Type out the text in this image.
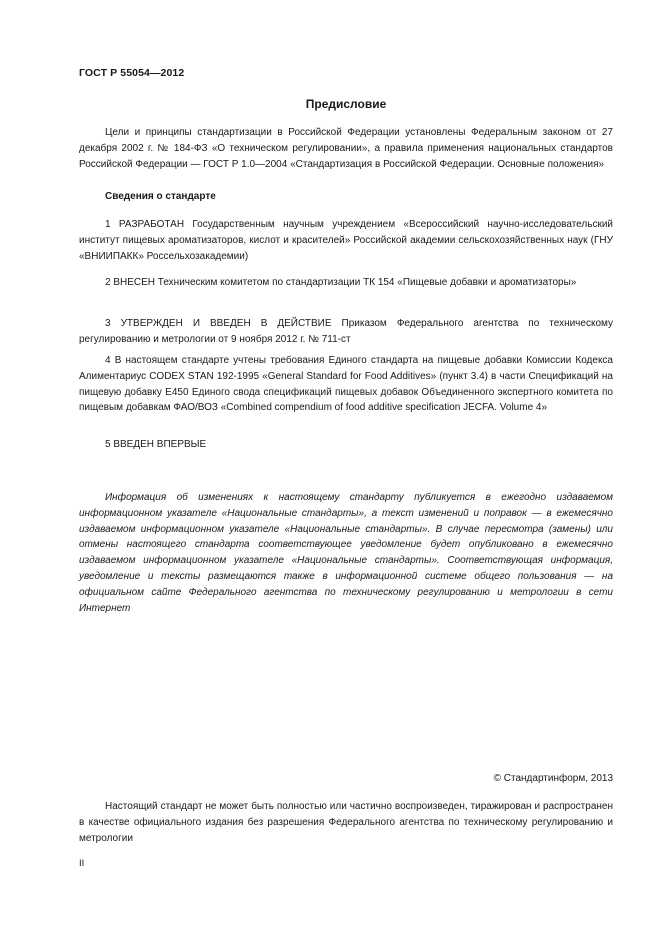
ГОСТ Р 55054—2012
Предисловие

Цели и принципы стандартизации в Российской Федерации установлены Федеральным законом от 27 декабря 2002 г. № 184-ФЗ «О техническом регулировании», а правила применения национальных стандартов Российской Федерации — ГОСТ Р 1.0—2004 «Стандартизация в Российской Федерации. Основные положения»

Сведения о стандарте

1 РАЗРАБОТАН Государственным научным учреждением «Всероссийский научно-исследовательский институт пищевых ароматизаторов, кислот и красителей» Российской академии сельскохозяйственных наук (ГНУ «ВНИИПАКК» Россельхозакадемии)

2 ВНЕСЕН Техническим комитетом по стандартизации ТК 154 «Пищевые добавки и ароматизаторы»

3 УТВЕРЖДЕН И ВВЕДЕН В ДЕЙСТВИЕ Приказом Федерального агентства по техническому регулированию и метрологии от 9 ноября 2012 г. № 711-ст

4 В настоящем стандарте учтены требования Единого стандарта на пищевые добавки Комиссии Кодекса Алиментариус CODEX STAN 192-1995 «General Standard for Food Additives» (пункт 3.4) в части Спецификаций на пищевую добавку Е450 Единого свода спецификаций пищевых добавок Объединенного экспертного комитета по пищевым добавкам ФАО/ВОЗ «Combined compendium of food additive specification JECFA. Volume 4»

5 ВВЕДЕН ВПЕРВЫЕ

Информация об изменениях к настоящему стандарту публикуется в ежегодно издаваемом информационном указателе «Национальные стандарты», а текст изменений и поправок — в ежемесячно издаваемом информационном указателе «Национальные стандарты». В случае пересмотра (замены) или отмены настоящего стандарта соответствующее уведомление будет опубликовано в ежемесячно издаваемом информационном указателе «Национальные стандарты». Соответствующая информация, уведомление и тексты размещаются также в информационной системе общего пользования — на официальном сайте Федерального агентства по техническому регулированию и метрологии в сети Интернет

© Стандартинформ, 2013

Настоящий стандарт не может быть полностью или частично воспроизведен, тиражирован и распространен в качестве официального издания без разрешения Федерального агентства по техническому регулированию и метрологии

II
